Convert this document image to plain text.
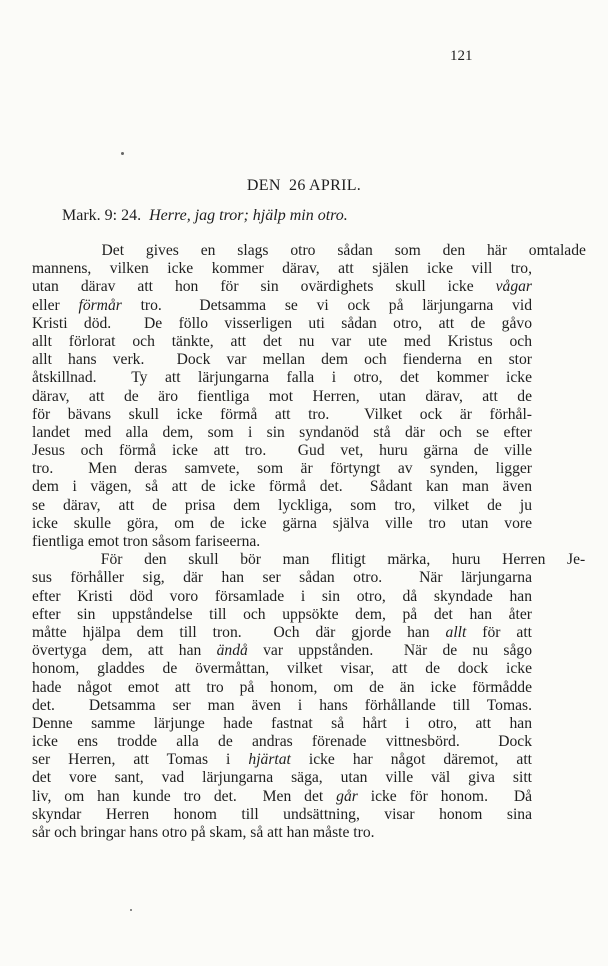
121
DEN 26 APRIL.
Mark. 9: 24. Herre, jag tror; hjälp min otro.
Det gives en slags otro sådan som den här omtalade
mannens, vilken icke kommer därav, att själen icke vill tro,
utan därav att hon för sin ovärdighets skull icke vågar
eller förmår tro.  Detsamma se vi ock på lärjungarna vid
Kristi död.  De föllo visserligen uti sådan otro, att de gåvo
allt förlorat och tänkte, att det nu var ute med Kristus och
allt hans verk.  Dock var mellan dem och fienderna en stor
åtskillnad.  Ty att lärjungarna falla i otro, det kommer icke
därav, att de äro fientliga mot Herren, utan därav, att de
för bävans skull icke förmå att tro.  Vilket ock är förhål-
landet med alla dem, som i sin syndanöd stå där och se efter
Jesus och förmå icke att tro.  Gud vet, huru gärna de ville
tro.  Men deras samvete, som är förtyngt av synden, ligger
dem i vägen, så att de icke förmå det.  Sådant kan man även
se därav, att de prisa dem lyckliga, som tro, vilket de ju
icke skulle göra, om de icke gärna själva ville tro utan vore
fientliga emot tron såsom fariseerna.
För den skull bör man flitigt märka, huru Herren Je-
sus förhåller sig, där han ser sådan otro.  När lärjungarna
efter Kristi död voro församlade i sin otro, då skyndade han
efter sin uppståndelse till och uppsökte dem, på det han åter
måtte hjälpa dem till tron.  Och där gjorde han allt för att
övertyga dem, att han ändå var uppstånden.  När de nu sågo
honom, gladdes de övermåttan, vilket visar, att de dock icke
hade något emot att tro på honom, om de än icke förmådde
det.  Detsamma ser man även i hans förhållande till Tomas.
Denne samme lärjunge hade fastnat så hårt i otro, att han
icke ens trodde alla de andras förenade vittnesbörd.  Dock
ser Herren, att Tomas i hjärtat icke har något däremot, att
det vore sant, vad lärjungarna säga, utan ville väl giva sitt
liv, om han kunde tro det.  Men det går icke för honom.  Då
skyndar Herren honom till undsättning, visar honom sina
sår och bringar hans otro på skam, så att han måste tro.
